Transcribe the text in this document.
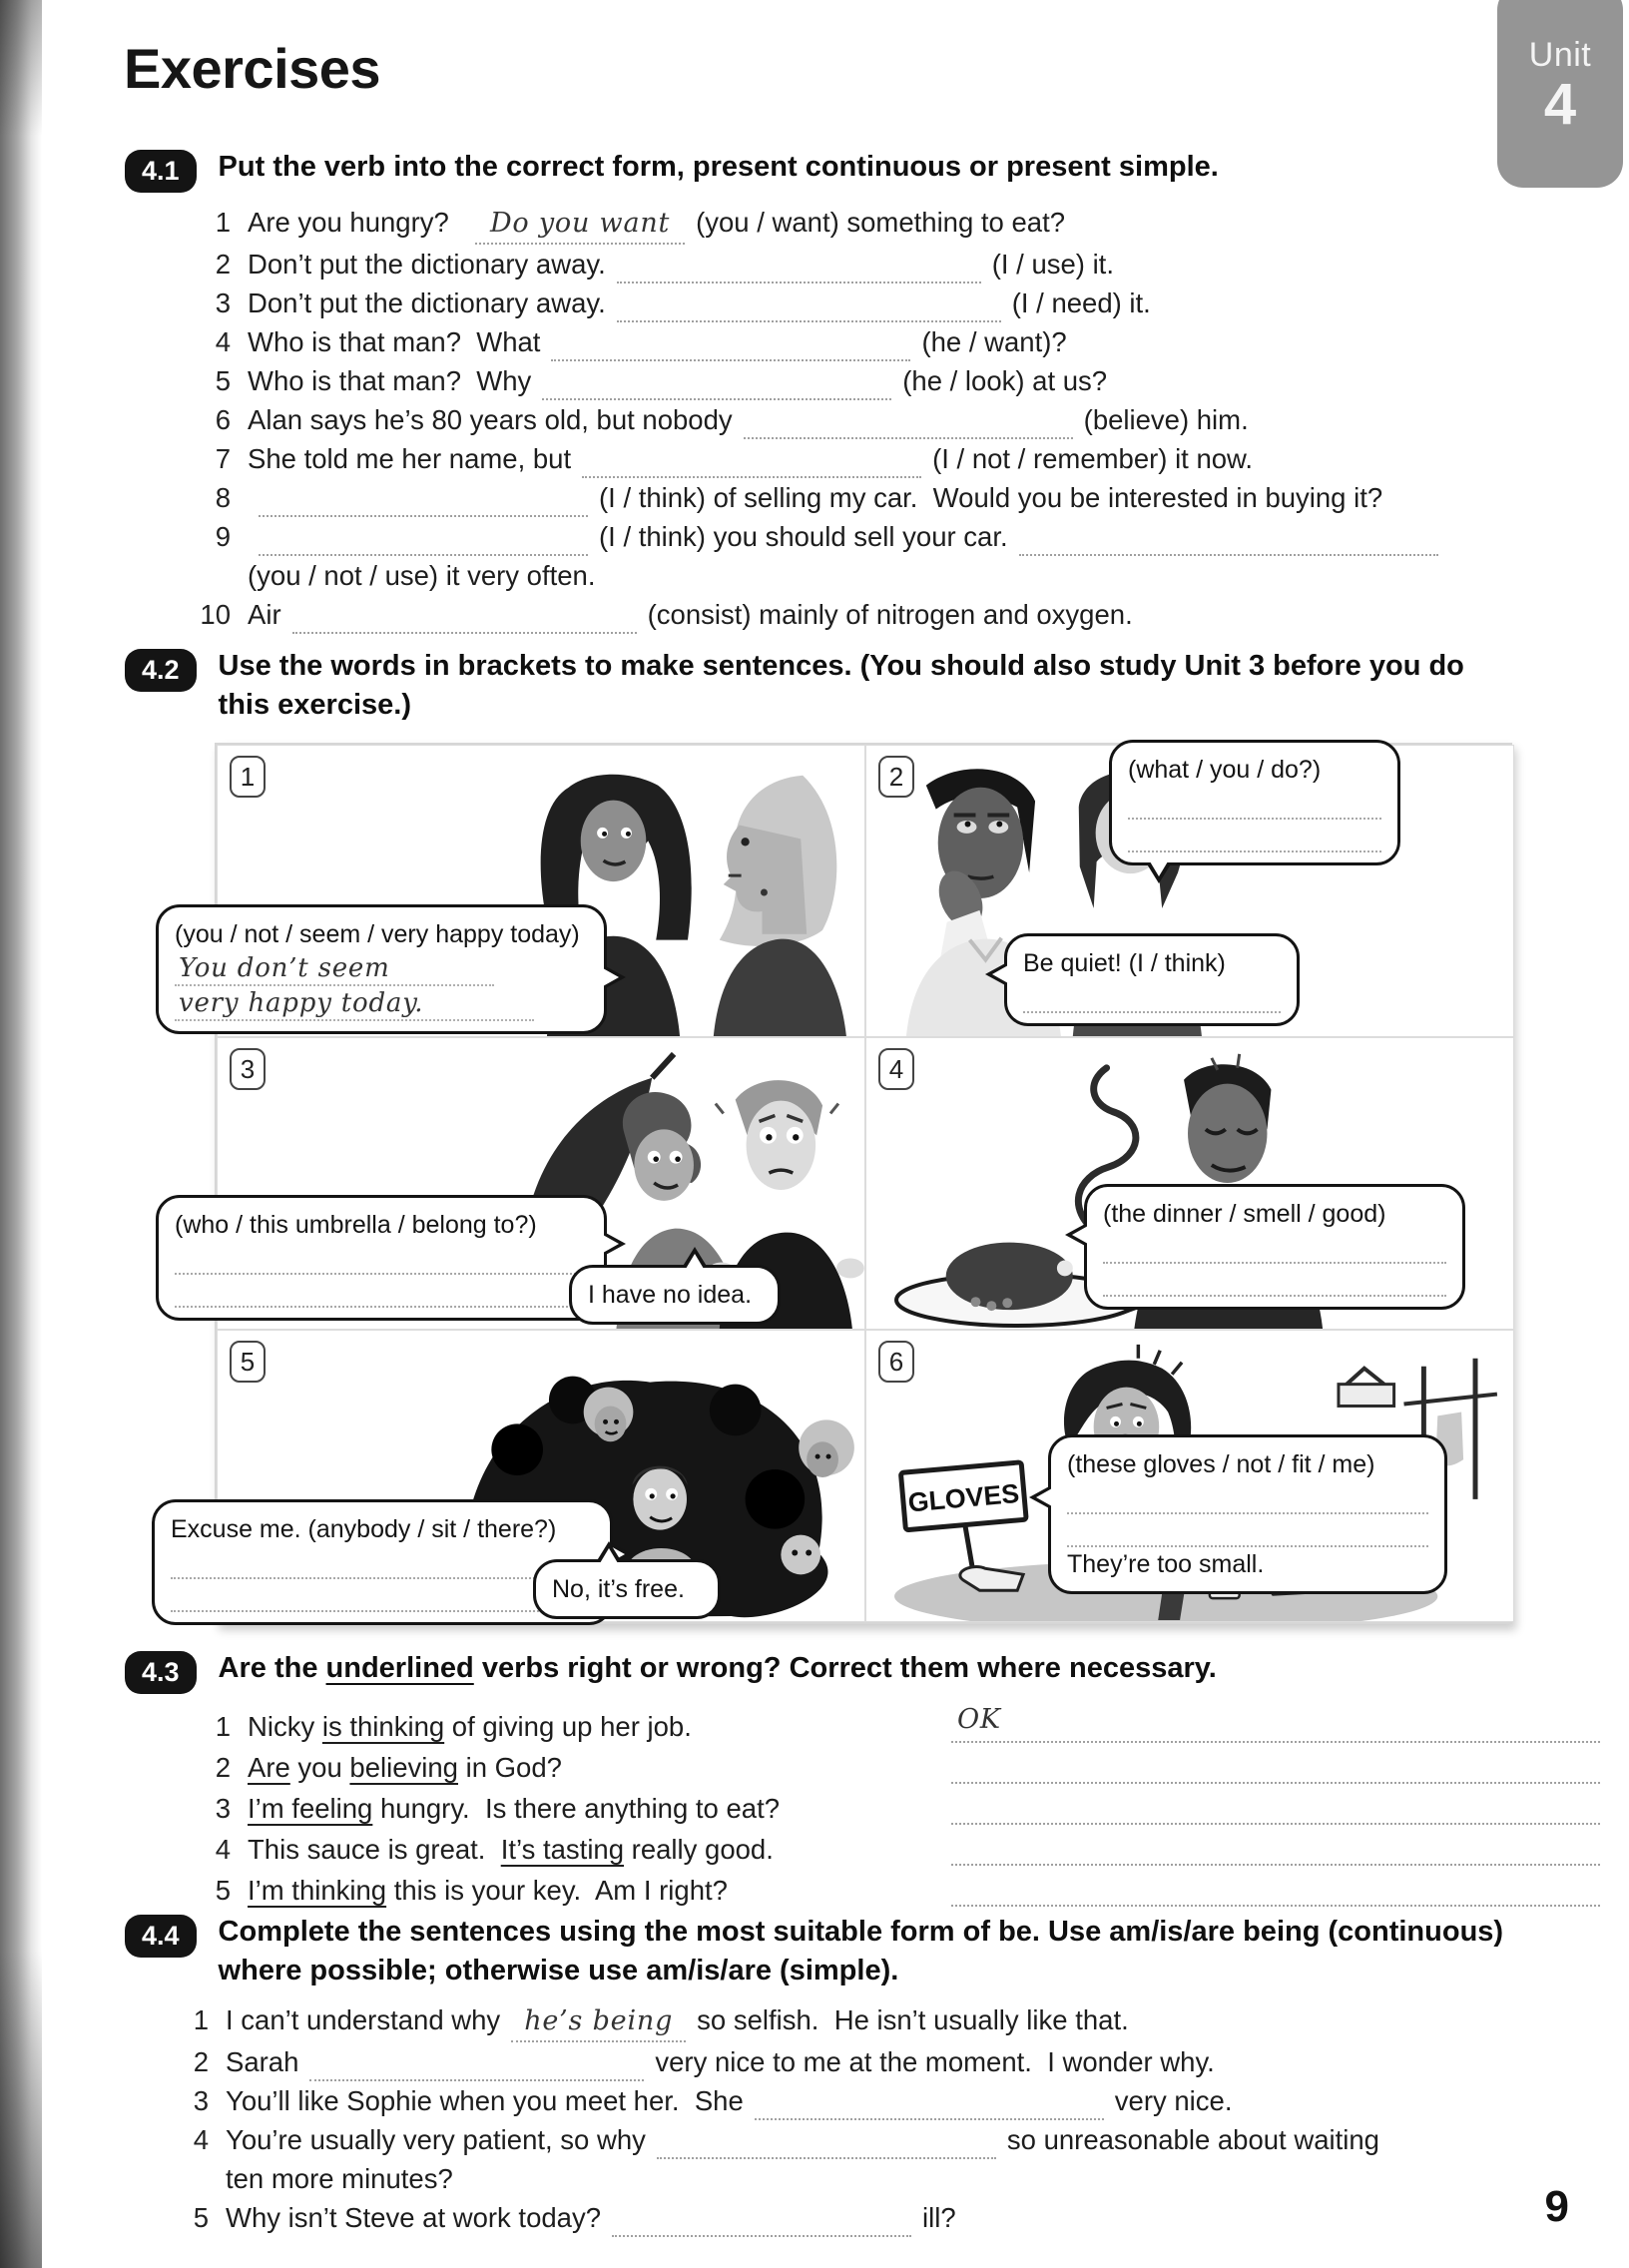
Unit
4
Exercises
4.1	Put the verb into the correct form, present continuous or present simple.
1 Are you hungry? Do you want (you / want) something to eat?
2 Don’t put the dictionary away.	(I / use) it.
3 Don’t put the dictionary away.	(I / need) it.
4 Who is that man?  What	(he / want)?
5 Who is that man?  Why	(he / look) at us?
6 Alan says he’s 80 years old, but nobody	(believe) him.
7 She told me her name, but	(I / not / remember) it now.
8	(I / think) of selling my car.  Would you be interested in buying it?
9	(I / think) you should sell your car.
(you / not / use) it very often.
10 Air	(consist) mainly of nitrogen and oxygen.
4.2	Use the words in brackets to make sentences. (You should also study Unit 3 before you do
this exercise.)
1
(you / not / seem / very happy today)
You don’t seem
very happy today.
2	(what / you / do?)
Be quiet! (I / think)
3
(who / this umbrella / belong to?)
I have no idea.
4
(the dinner / smell / good)
5
Excuse me. (anybody / sit / there?)
No, it’s free.
6
GLOVES
(these gloves / not / fit / me)
They’re too small.
4.3	Are the underlined verbs right or wrong? Correct them where necessary.
1 Nicky is thinking of giving up her job.	OK
2 Are you believing in God?
3 I’m feeling hungry.  Is there anything to eat?
4 This sauce is great.  It’s tasting really good.
5 I’m thinking this is your key.  Am I right?
4.4	Complete the sentences using the most suitable form of be. Use am/is/are being (continuous)
where possible; otherwise use am/is/are (simple).
1 I can’t understand why he’s being so selfish.  He isn’t usually like that.
2 Sarah	very nice to me at the moment.  I wonder why.
3 You’ll like Sophie when you meet her.  She	very nice.
4 You’re usually very patient, so why	so unreasonable about waiting
ten more minutes?
5 Why isn’t Steve at work today?	ill?	9
